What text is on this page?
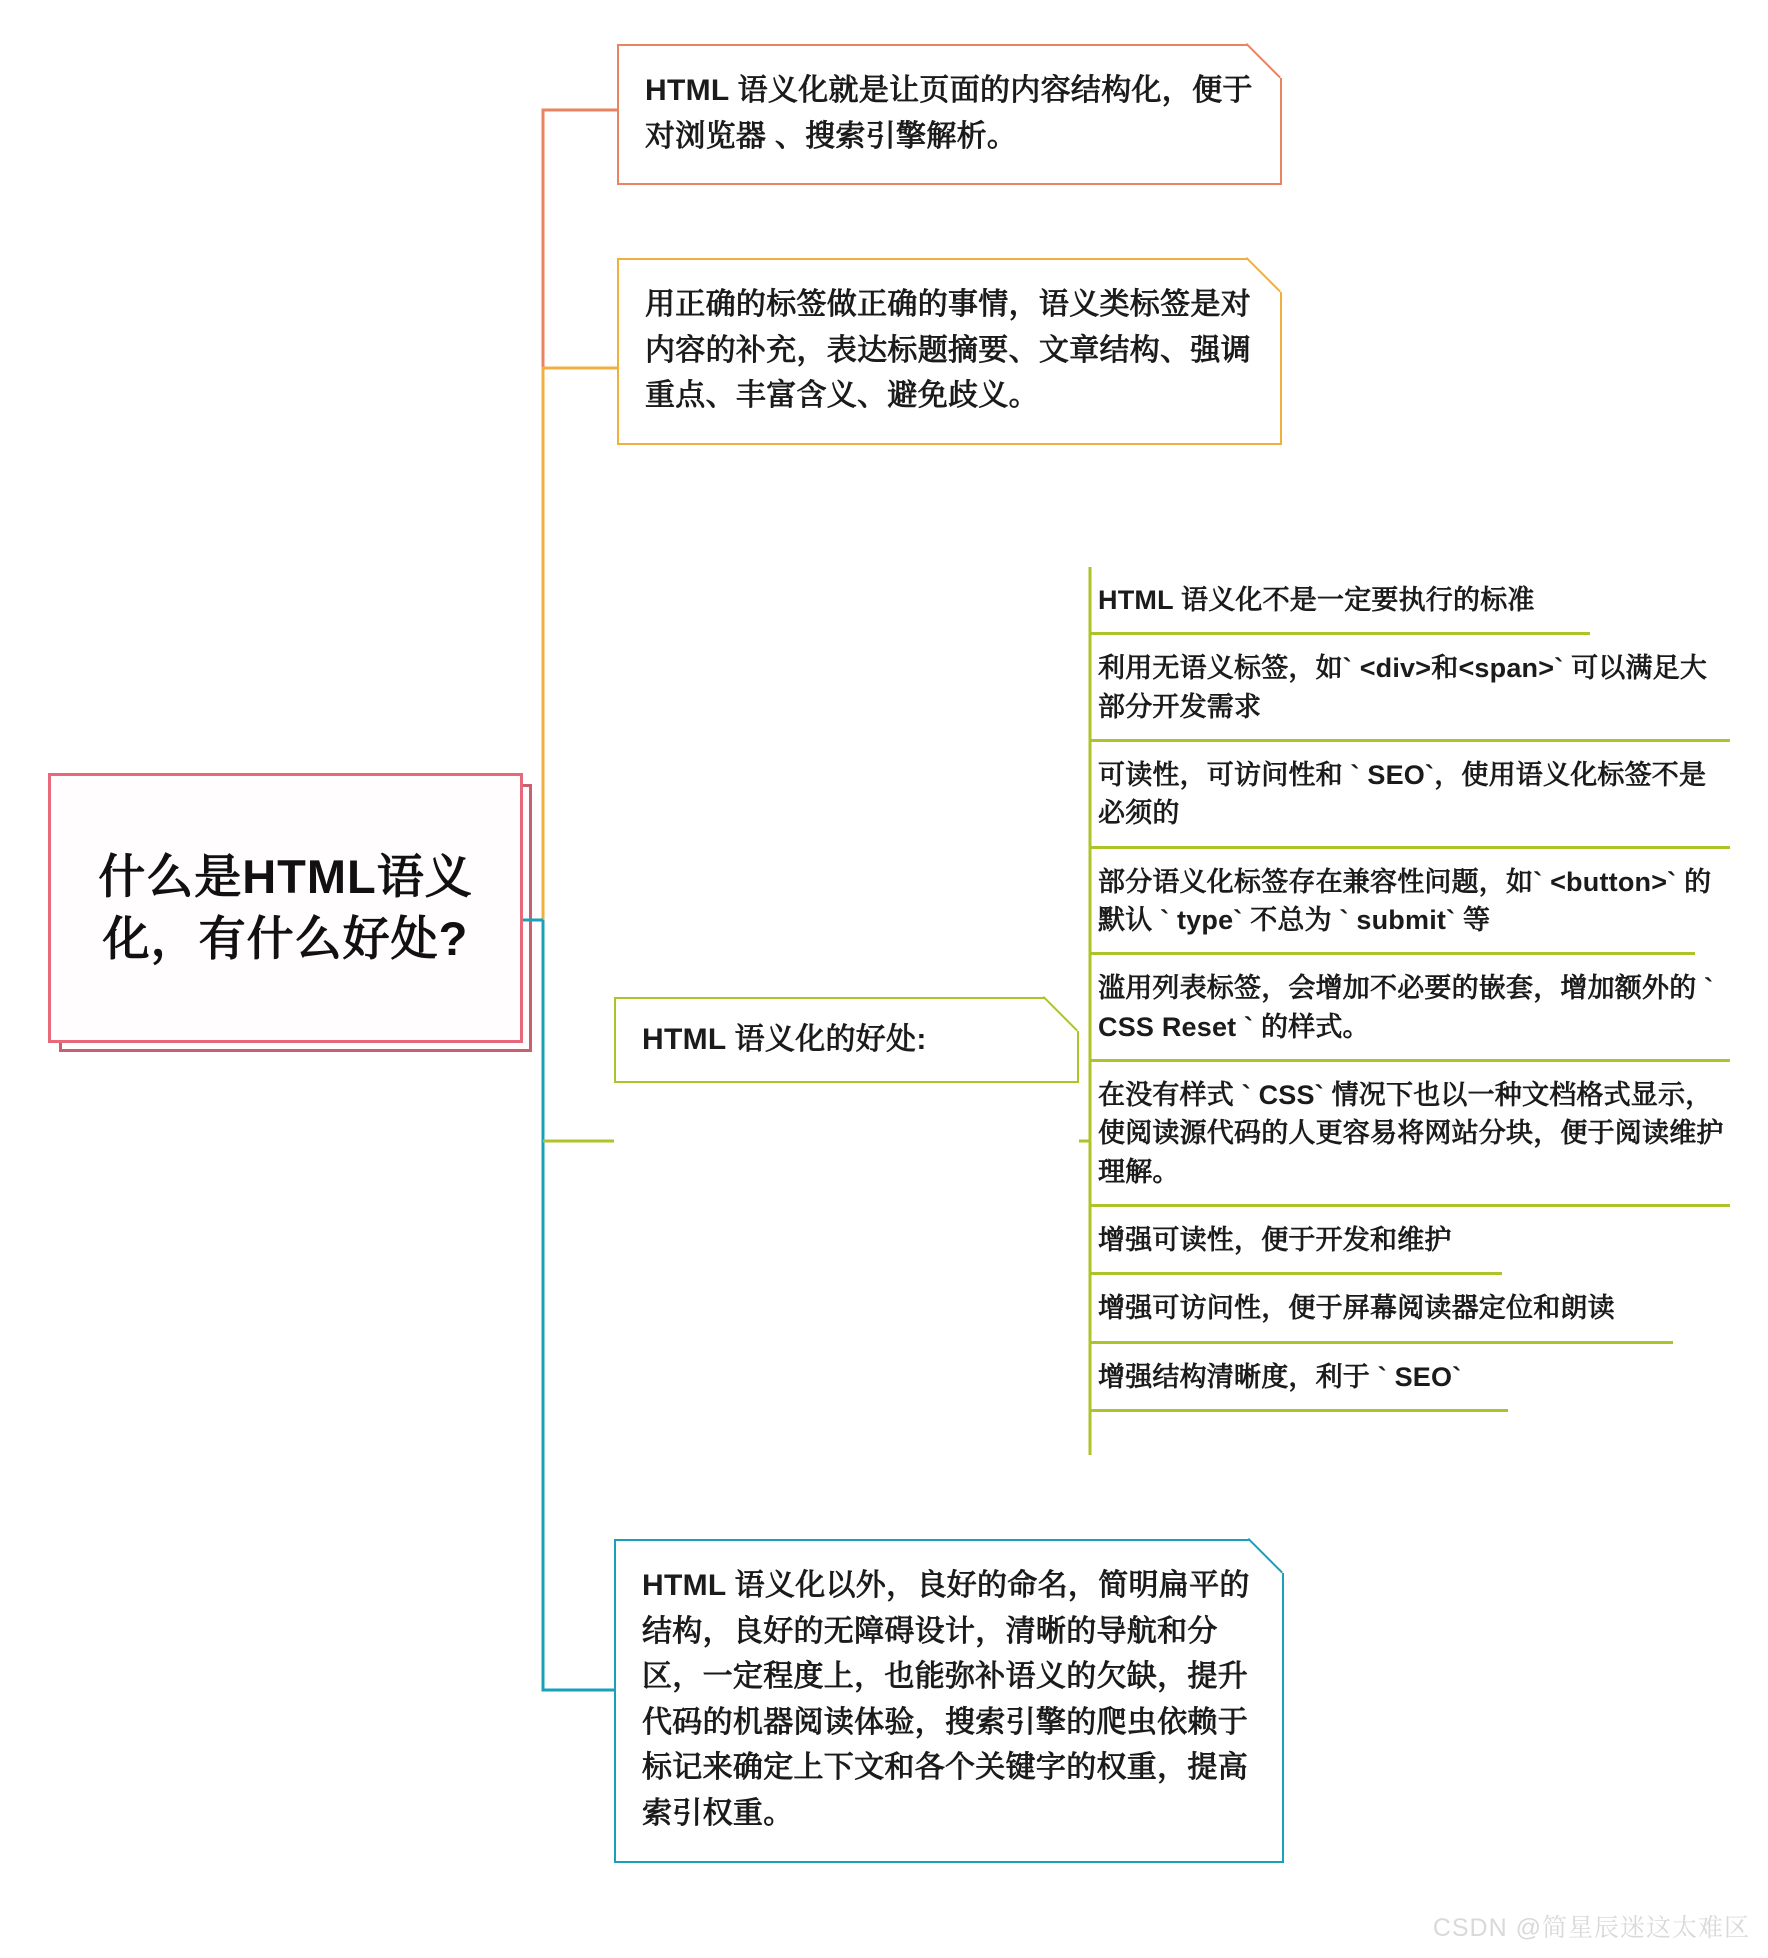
什么是HTML语义化，有什么好处?
HTML 语义化就是让页面的内容结构化，便于对浏览器 、搜索引擎解析。
用正确的标签做正确的事情，语义类标签是对内容的补充，表达标题摘要、文章结构、强调重点、丰富含义、避免歧义。
HTML 语义化的好处:
HTML 语义化以外，良好的命名，简明扁平的结构，良好的无障碍设计，清晰的导航和分区，一定程度上，也能弥补语义的欠缺，提升代码的机器阅读体验，搜索引擎的爬虫依赖于标记来确定上下文和各个关键字的权重，提高索引权重。
HTML 语义化不是一定要执行的标准
利用无语义标签，如` <div>和<span>` 可以满足大部分开发需求
可读性，可访问性和 ` SEO`，使用语义化标签不是必须的
部分语义化标签存在兼容性问题，如` <button>` 的默认 ` type` 不总为 ` submit` 等
滥用列表标签，会增加不必要的嵌套，增加额外的 ` CSS Reset ` 的样式。
在没有样式 ` CSS` 情况下也以一种文档格式显示，使阅读源代码的人更容易将网站分块，便于阅读维护理解。
增强可读性，便于开发和维护
增强可访问性，便于屏幕阅读器定位和朗读
增强结构清晰度，利于 ` SEO`
CSDN @简星辰迷这太难区
